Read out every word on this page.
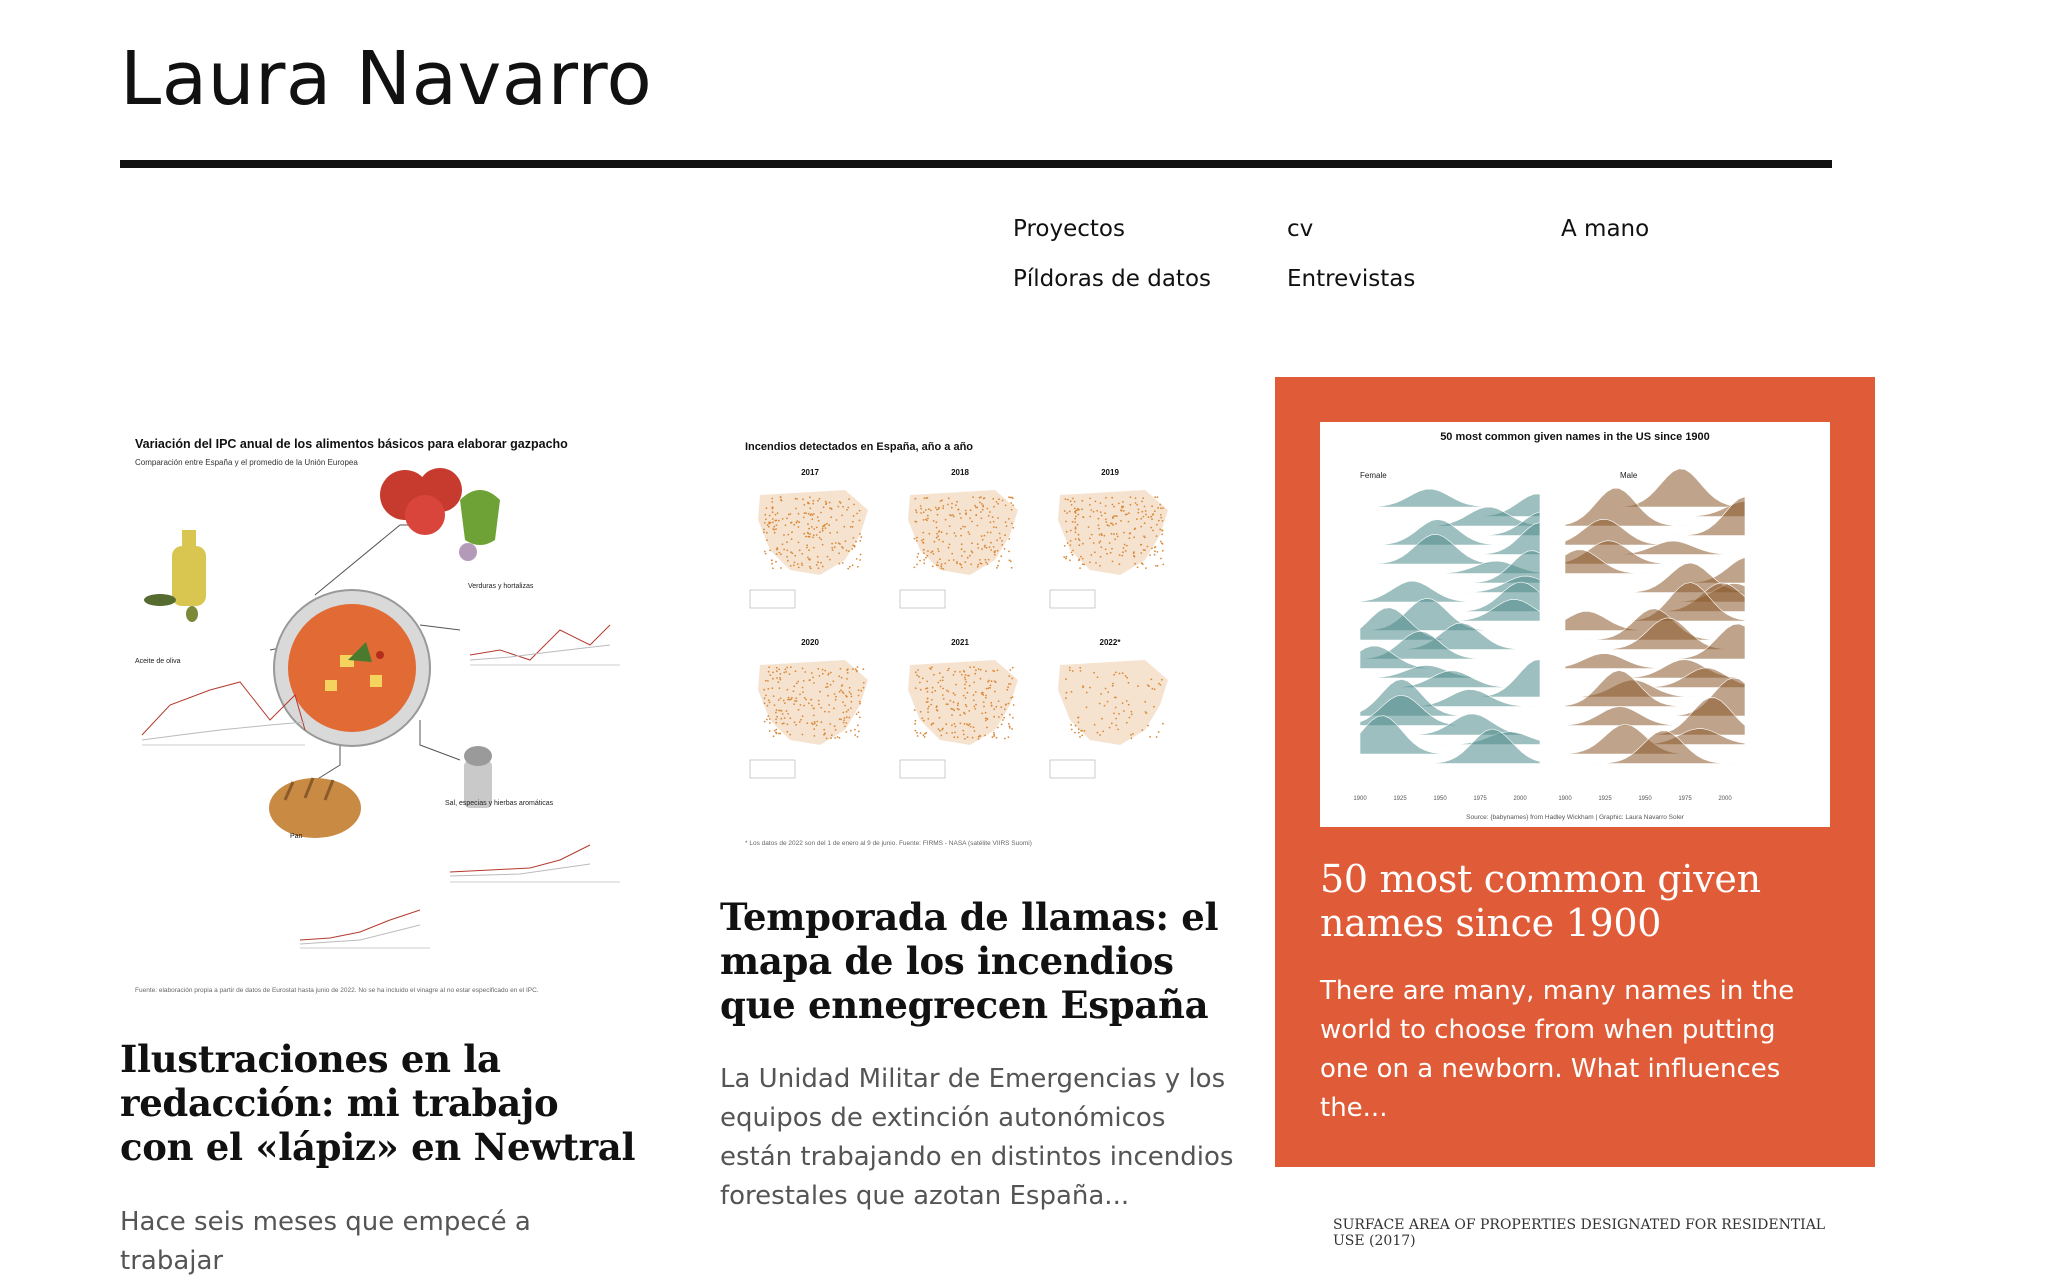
Laura Navarro
Proyectos	cv	A mano
Píldoras de datos	Entrevistas
Variación del IPC anual de los alimentos básicos para elaborar gazpacho
Comparación entre España y el promedio de la Unión Europea
Aceite de oliva
Verduras y hortalizas
Sal, especias y hierbas aromáticas
Pan
Fuente: elaboración propia a partir de datos de Eurostat hasta junio de 2022. No se ha incluido el vinagre al no estar especificado en el IPC.
Ilustraciones en la redacción: mi trabajo con el «lápiz» en Newtral

Hace seis meses que empecé a trabajar

Incendios detectados en España, año a año
2017	2018	2019
2020	2021	2022*
* Los datos de 2022 son del 1 de enero al 9 de junio. Fuente: FIRMS - NASA (satélite VIIRS Suomi)
Temporada de llamas: el mapa de los incendios que ennegrecen España

La Unidad Militar de Emergencias y los equipos de extinción autonómicos están trabajando en distintos incendios forestales que azotan España...

50 most common given names in the US since 1900
Female	Male
1900	1925	1950	1975	2000	1900	1925	1950	1975	2000
Source: {babynames} from Hadley Wickham | Graphic: Laura Navarro Soler
50 most common given names since 1900

There are many, many names in the world to choose from when putting one on a newborn. What influences the...

SURFACE AREA OF PROPERTIES DESIGNATED FOR RESIDENTIAL USE (2017)
